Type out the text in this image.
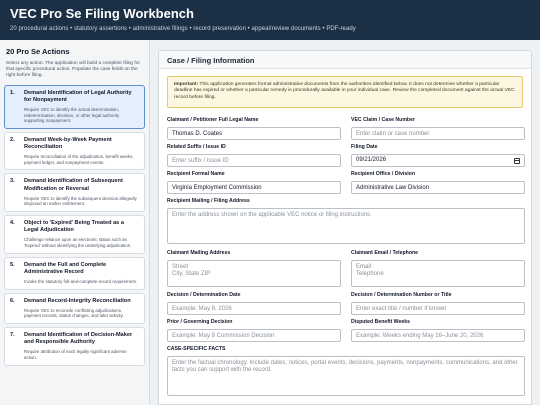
VEC Pro Se Filing Workbench
20 procedural actions • statutory assertions • administrative filings • record preservation • appeal/review documents • PDF-ready
20 Pro Se Actions
Select any action. The application will build a complete filing for that specific procedural action. Populate the case fields on the right before filing.
1.	Demand Identification of Legal Authority for Nonpayment
Require VEC to identify the actual determination, redetermination, decision, or other legal authority supporting nonpayment.
2.	Demand Week-by-Week Payment Reconciliation
Require reconciliation of the adjudication, benefit weeks, payment ledger, and nonpayment events.
3.	Demand Identification of Subsequent Modification or Reversal
Require VEC to identify the subsequent decision allegedly disposed an earlier entitlement.
4.	Object to 'Expired' Being Treated as a Legal Adjudication
Challenge reliance upon an electronic status such as 'Expired' without identifying the underlying adjudication.
5.	Demand the Full and Complete Administrative Record
Invoke the statutory full-and-complete-record requirement.
6.	Demand Record-Integrity Reconciliation
Require VEC to reconcile conflicting adjudications, payment records, status changes, and later activity.
7.	Demand Identification of Decision-Maker and Responsible Authority
Require attribution of each legally significant adverse action.
Case / Filing Information
Important: This application generates formal administrative documents from the authorities identified below. It does not determine whether a particular deadline has expired or whether a particular remedy is procedurally available in your individual case. Review the completed document against the actual VEC record before filing.
Claimant / Petitioner Full Legal Name
Thomas D. Coates
VEC Claim / Case Number
Enter claim or case number
Related Suffix / Issue ID
Enter suffix / issue ID
Filing Date
09/21/2026
Recipient Formal Name
Virginia Employment Commission
Recipient Office / Division
Administrative Law Division
Recipient Mailing / Filing Address
Enter the address shown on the applicable VEC notice or filing instructions.
Claimant Mailing Address
Street
City, State ZIP
Claimant Email / Telephone
Email
Telephone
Decision / Determination Date
Example: May 8, 2026
Decision / Determination Number or Title
Enter exact title / number if known
Prior / Governing Decision
Example: May 8 Commission Decision
Disputed Benefit Weeks
Example: Weeks ending May 16–June 20, 2026
CASE-SPECIFIC FACTS
Enter the factual chronology. Include dates, notices, portal events, decisions, payments, nonpayments, communications, and other facts you can support with the record.
